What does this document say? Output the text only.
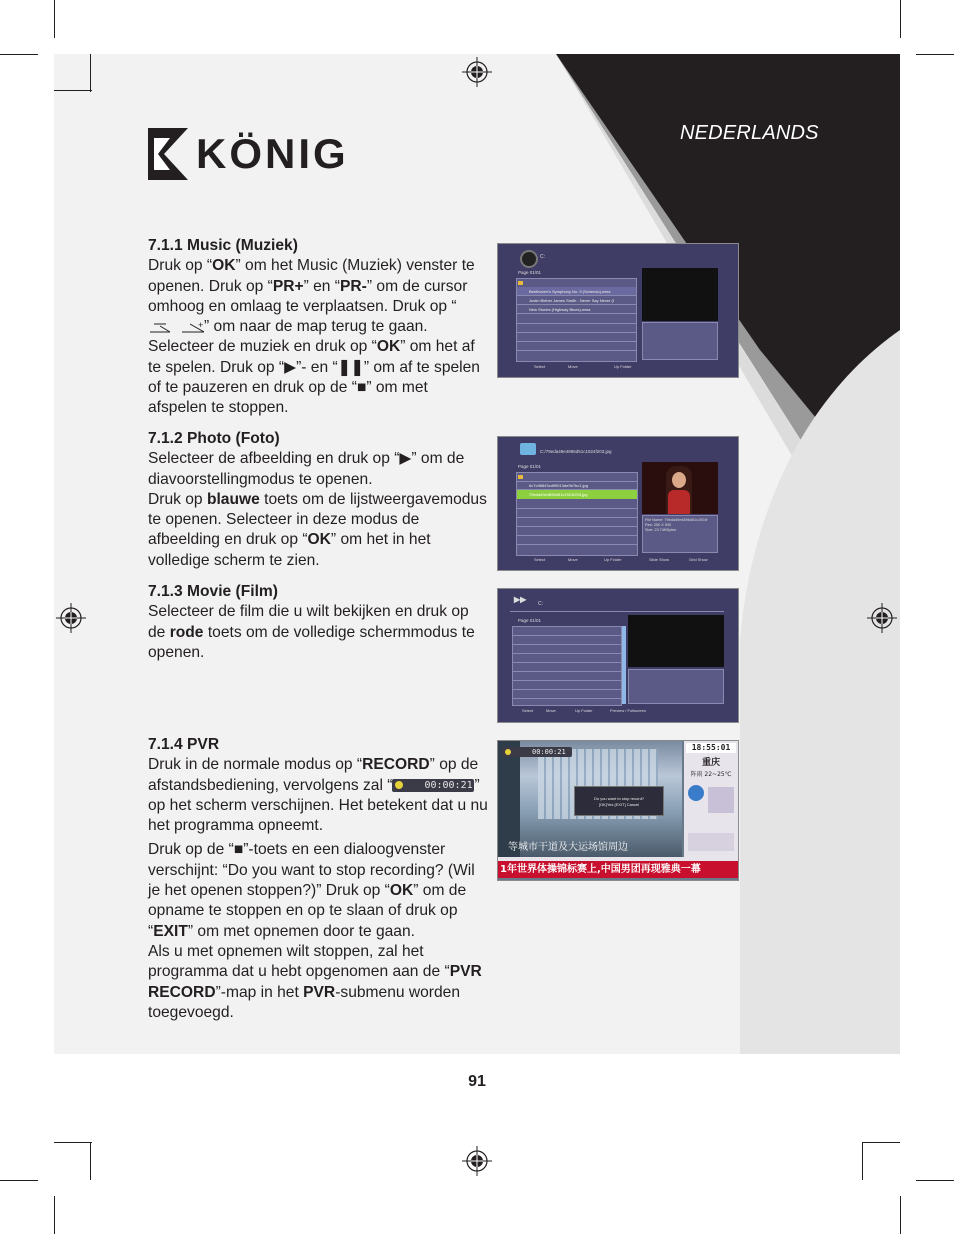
KÖNIG	NEDERLANDS
7.1.1 Music (Muziek)

Druk op “OK” om het Music (Muziek) venster te openen. Druk op “PR+” en “PR-” om de cursor omhoog en omlaag te verplaatsen. Druk op “
+ ” om naar de map terug te gaan. Selecteer de muziek en druk op “OK” om het af te spelen. Druk op “▶”- en “❚❚” om af te spelen of te pauzeren en druk op de “■” om met afspelen te stoppen.

7.1.2 Photo (Foto)

Selecteer de afbeelding en druk op “▶” om de diavoorstellingmodus te openen.

Druk op blauwe toets om de lijstweergavemodus te openen. Selecteer in deze modus de afbeelding en druk op “OK” om het in het volledige scherm te zien.

7.1.3 Movie (Film)

Selecteer de film die u wilt bekijken en druk op de rode toets om de volledige schermmodus te openen.

7.1.4 PVR

Druk in de normale modus op “RECORD” op de afstandsbediening, vervolgens zal “	00:00:21 ” op het scherm verschijnen. Het betekent dat u nu het programma opneemt.

Druk op de “■”-toets en een dialoogvenster verschijnt: “Do you want to stop recording? (Wil je het openen stoppen?)” Druk op “OK” om de opname te stoppen en op te slaan of druk op “EXIT” om met opnemen door te gaan.

Als u met opnemen wilt stoppen, zal het programma dat u hebt opgenomen aan de “PVR RECORD”-map in het PVR-submenu worden toegevoegd.

C:
Page 01/01
Beethoven's Symphony No. 9 (Schercio).wma
Justin Bieber James Smith - Never Say Never (f
New Stories (Highway Blues).wma
Select	Move	Up Folder
C:/79eda49e4896d51c1924f203.jpg
Page 01/01
6c7c98843cd99013de9b7bc1.jpg
79eda49e4896d51c1924f203.jpg
File Name: 79eda49e4896d51c1924f
Res: 250 X 500
Size: 23.74KBytes
Select	Move	Up Folder	Slide Show	Grid Show
▶▶ C:
Page 01/01
Select	Move	Up Folder	Preview / Fullscreen
00:00:21
Do you want to stop record?
[OK]Yes [EXIT] Cancel
等城市干道及大运场馆周边
18:55:01
重庆
阵雨 22~25℃
1年世界体操锦标赛上,中国男团再现雅典一幕
91
